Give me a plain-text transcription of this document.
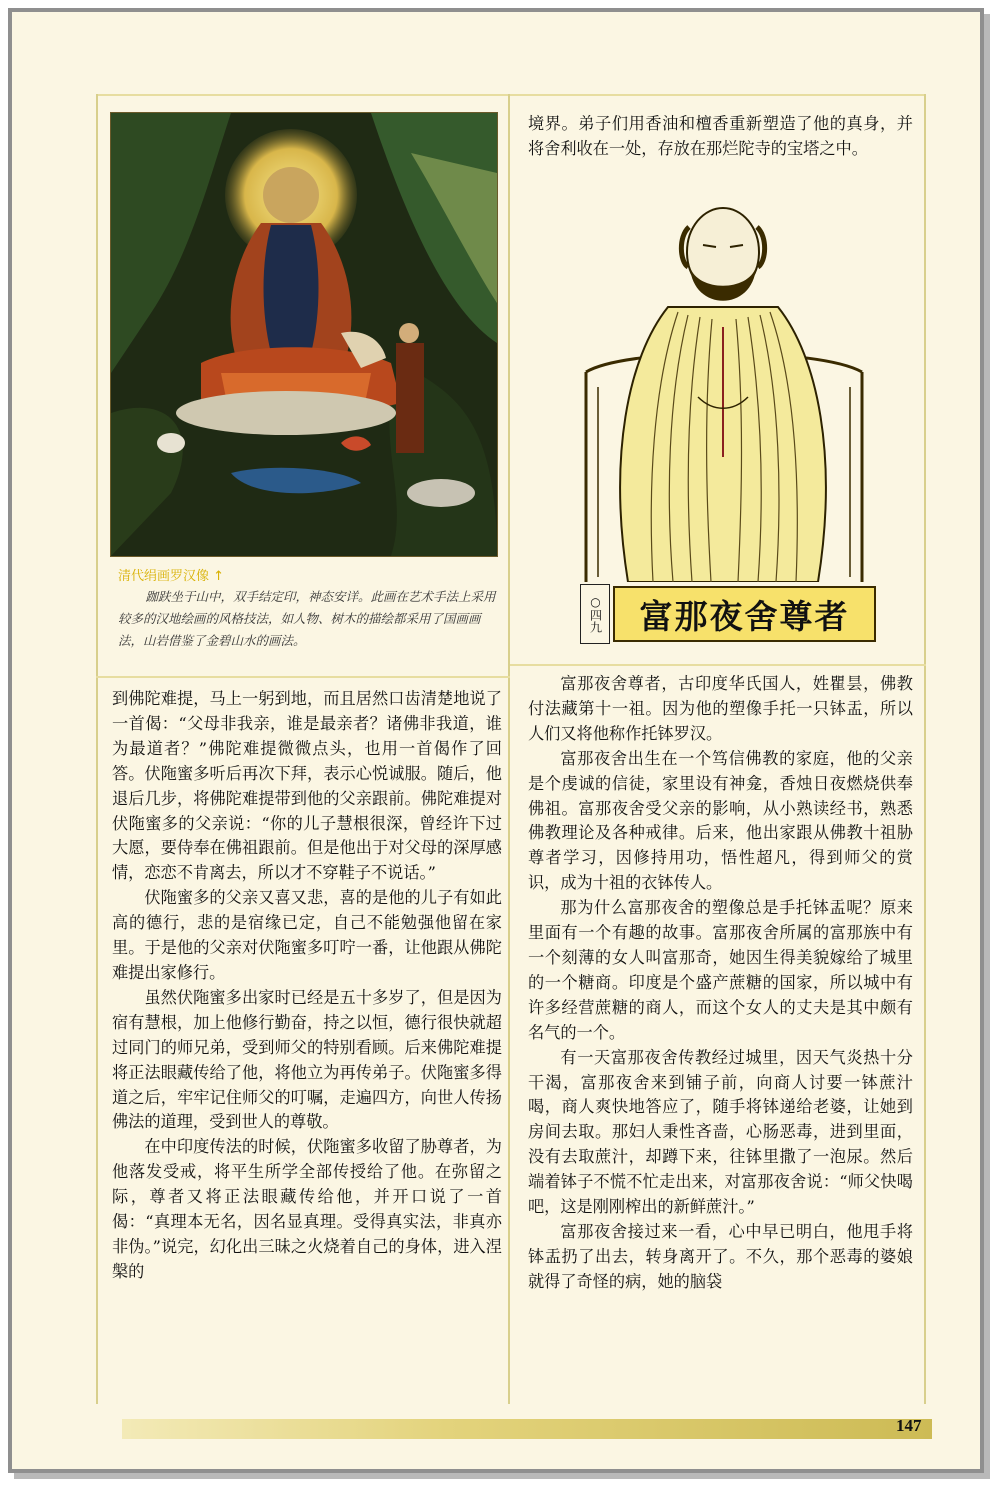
清代绢画罗汉像 ↑
跏趺坐于山中，双手结定印，神态安详。此画在艺术手法上采用较多的汉地绘画的风格技法，如人物、树木的描绘都采用了国画画法，山岩借鉴了金碧山水的画法。

到佛陀难提，马上一躬到地，而且居然口齿清楚地说了一首偈：“父母非我亲，谁是最亲者？诸佛非我道，谁为最道者？”佛陀难提微微点头，也用一首偈作了回答。伏陁蜜多听后再次下拜，表示心悦诚服。随后，他退后几步，将佛陀难提带到他的父亲跟前。佛陀难提对伏陁蜜多的父亲说：“你的儿子慧根很深，曾经许下过大愿，要侍奉在佛祖跟前。但是他出于对父母的深厚感情，恋恋不肯离去，所以才不穿鞋子不说话。”

伏陁蜜多的父亲又喜又悲，喜的是他的儿子有如此高的德行，悲的是宿缘已定，自己不能勉强他留在家里。于是他的父亲对伏陁蜜多叮咛一番，让他跟从佛陀难提出家修行。

虽然伏陁蜜多出家时已经是五十多岁了，但是因为宿有慧根，加上他修行勤奋，持之以恒，德行很快就超过同门的师兄弟，受到师父的特别看顾。后来佛陀难提将正法眼藏传给了他，将他立为再传弟子。伏陁蜜多得道之后，牢牢记住师父的叮嘱，走遍四方，向世人传扬佛法的道理，受到世人的尊敬。

在中印度传法的时候，伏陁蜜多收留了胁尊者，为他落发受戒，将平生所学全部传授给了他。在弥留之际，尊者又将正法眼藏传给他，并开口说了一首偈：“真理本无名，因名显真理。受得真实法，非真亦非伪。”说完，幻化出三昧之火烧着自己的身体，进入涅槃的

境界。弟子们用香油和檀香重新塑造了他的真身，并将舍利收在一处，存放在那烂陀寺的宝塔之中。

○四九	富那夜舍尊者

富那夜舍尊者，古印度华氏国人，姓瞿昙，佛教付法藏第十一祖。因为他的塑像手托一只钵盂，所以人们又将他称作托钵罗汉。

富那夜舍出生在一个笃信佛教的家庭，他的父亲是个虔诚的信徒，家里设有神龛，香烛日夜燃烧供奉佛祖。富那夜舍受父亲的影响，从小熟读经书，熟悉佛教理论及各种戒律。后来，他出家跟从佛教十祖胁尊者学习，因修持用功，悟性超凡，得到师父的赏识，成为十祖的衣钵传人。

那为什么富那夜舍的塑像总是手托钵盂呢？原来里面有一个有趣的故事。富那夜舍所属的富那族中有一个刻薄的女人叫富那奇，她因生得美貌嫁给了城里的一个糖商。印度是个盛产蔗糖的国家，所以城中有许多经营蔗糖的商人，而这个女人的丈夫是其中颇有名气的一个。

有一天富那夜舍传教经过城里，因天气炎热十分干渴，富那夜舍来到铺子前，向商人讨要一钵蔗汁喝，商人爽快地答应了，随手将钵递给老婆，让她到房间去取。那妇人秉性吝啬，心肠恶毒，进到里面，没有去取蔗汁，却蹲下来，往钵里撒了一泡尿。然后端着钵子不慌不忙走出来，对富那夜舍说：“师父快喝吧，这是刚刚榨出的新鲜蔗汁。”

富那夜舍接过来一看，心中早已明白，他甩手将钵盂扔了出去，转身离开了。不久，那个恶毒的婆娘就得了奇怪的病，她的脑袋

147
